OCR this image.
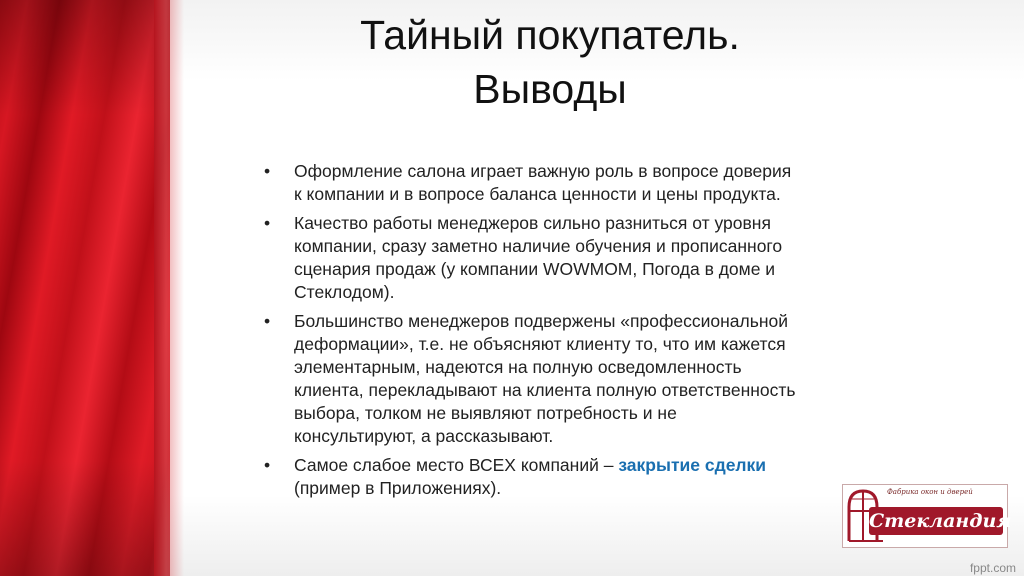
Тайный покупатель.
Выводы
• Оформление салона играет важную роль в вопросе доверия
к компании и в вопросе баланса ценности и цены продукта.
• Качество работы менеджеров сильно разниться от уровня
компании, сразу заметно наличие обучения и прописанного
сценария продаж (у компании WOWMOM, Погода в доме и
Стеклодом).
• Большинство менеджеров подвержены «профессиональной
деформации», т.е. не объясняют клиенту то, что им кажется
элементарным, надеются на полную осведомленность
клиента, перекладывают на клиента полную ответственность
выбора, толком не выявляют потребность и не
консультируют, а рассказывают.
• Самое слабое место ВСЕХ компаний – закрытие сделки
(пример в Приложениях).	Фабрика окон и дверей
Стекландия
fppt.com
